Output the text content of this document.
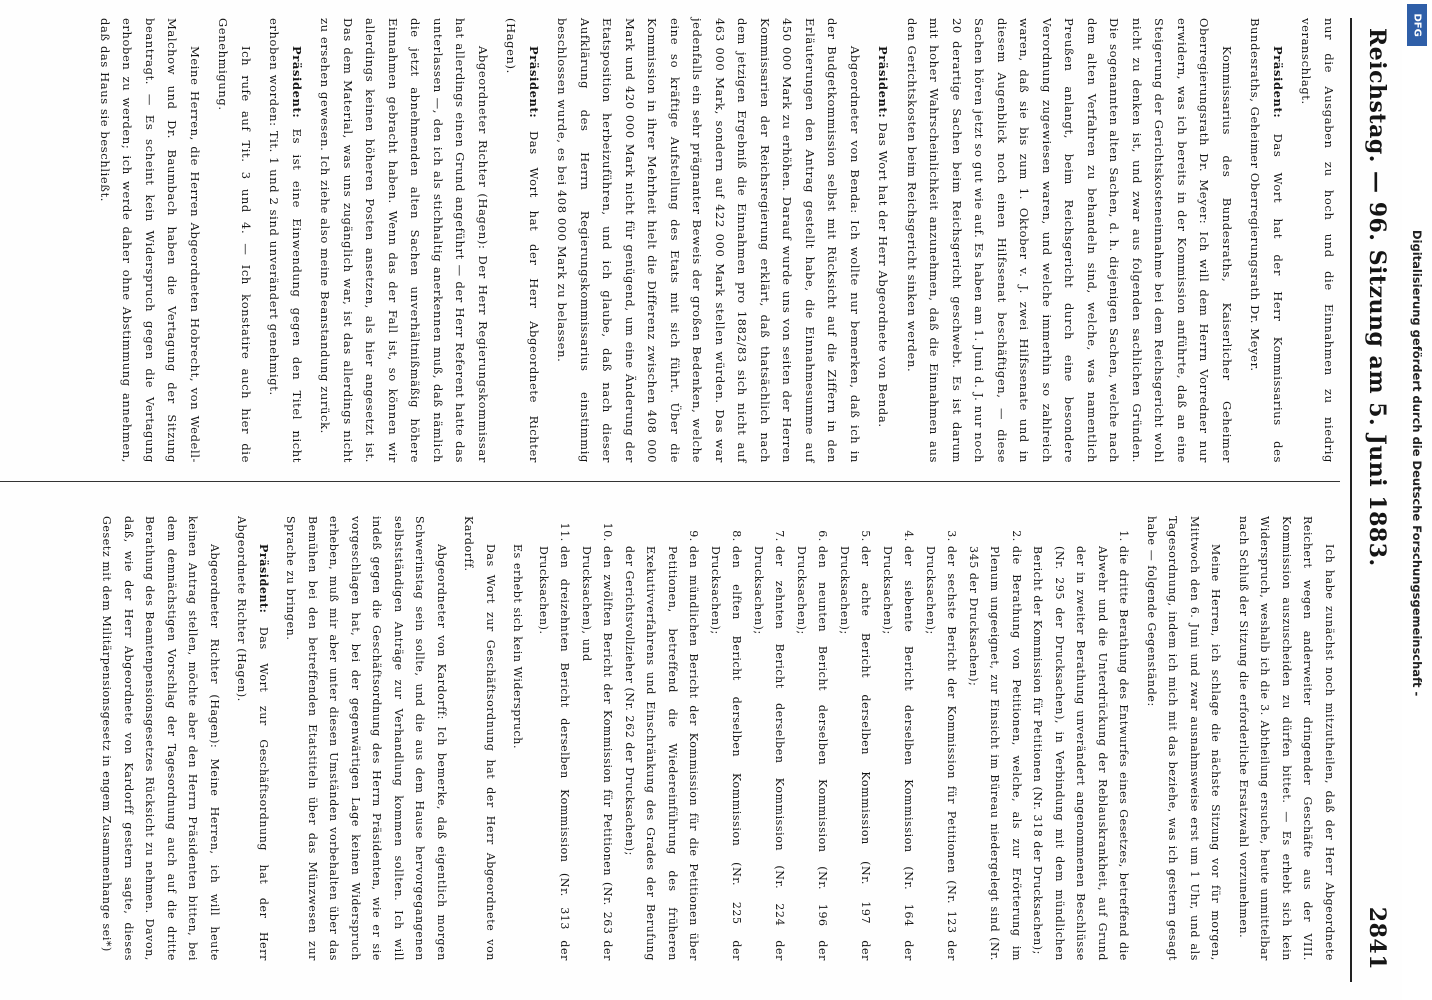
Reichstag. — 96. Sitzung am 5. Juni 1883.
2841

nur die Ausgaben zu hoch und die Einnahmen zu niedrig veranschlagt.

Präsident: Das Wort hat der Herr Kommissarius des Bundesraths, Geheimer Oberregierungsrath Dr. Meyer.

Kommissarius des Bundesraths, Kaiserlicher Geheimer Oberregierungsrath Dr. Meyer: Ich will dem Herrn Vorredner nur erwidern, was ich bereits in der Kommission anführte, daß an eine Steigerung der Gerichtskosteneinnahme bei dem Reichsgericht wohl nicht zu denken ist, und zwar aus folgenden sachlichen Gründen. Die sogenannten alten Sachen, d. h. diejenigen Sachen, welche nach dem alten Verfahren zu behandeln sind, welche, was namentlich Preußen anlangt, beim Reichsgericht durch eine besondere Verordnung zugewiesen waren, und welche immerhin so zahlreich waren, daß sie bis zum 1. Oktober v. J. zwei Hilfssenate und in diesem Augenblick noch einen Hilfssenat beschäftigen, — diese Sachen hören jetzt so gut wie auf. Es haben am 1. Juni d. J. nur noch 20 derartige Sachen beim Reichsgericht geschwebt. Es ist darum mit hoher Wahrscheinlichkeit anzunehmen, daß die Einnahmen aus den Gerichtskosten beim Reichsgericht sinken werden.

Präsident: Das Wort hat der Herr Abgeordnete von Benda.

Abgeordneter von Benda: Ich wollte nur bemerken, daß ich in der Budgetkommission selbst mit Rücksicht auf die Ziffern in den Erläuterungen den Antrag gestellt habe, die Einnahmesumme auf 450 000 Mark zu erhöhen. Darauf wurde uns von seiten der Herren Kommissarien der Reichsregierung erklärt, daß thatsächlich nach dem jetzigen Ergebniß die Einnahmen pro 1882/83 sich nicht auf 463 000 Mark, sondern auf 422 000 Mark stellen würden. Das war jedenfalls ein sehr prägnanter Beweis der großen Bedenken, welche eine so kräftige Aufstellung des Etats mit sich führt. Über die Kommission in ihrer Mehrheit hielt die Differenz zwischen 408 000 Mark und 420 000 Mark nicht für genügend, um eine Änderung der Etatsposition herbeizuführen, und ich glaube, daß nach dieser Aufklärung des Herrn Regierungskommissarius einstimmig beschlossen wurde, es bei 408 000 Mark zu belassen.

Präsident: Das Wort hat der Herr Abgeordnete Richter (Hagen).

Abgeordneter Richter (Hagen): Der Herr Regierungskommissar hat allerdings einen Grund angeführt — der Herr Referent hatte das unterlassen —, den ich als stichhaltig anerkennen muß, daß nämlich die jetzt abnehmenden alten Sachen unverhältnißmäßig höhere Einnahmen gebracht haben. Wenn das der Fall ist, so können wir allerdings keinen höheren Posten ansetzen, als hier angesetzt ist. Das dem Material, was uns zugänglich war, ist das allerdings nicht zu ersehen gewesen. Ich ziehe also meine Beanstandung zurück.

Präsident: Es ist eine Einwendung gegen den Titel nicht erhoben worden: Tit. 1 und 2 sind unverändert genehmigt.

Ich rufe auf Tit. 3 und 4. — Ich konstatire auch hier die Genehmigung.

Meine Herren, die Herren Abgeordneten Hobrecht, von Wedell-Malchow und Dr. Baumbach haben die Vertagung der Sitzung beantragt. — Es scheint kein Widerspruch gegen die Vertagung erhoben zu werden; ich werde daher ohne Abstimmung annehmen, daß das Haus sie beschließt.

Ich habe zunächst noch mitzutheilen, daß der Herr Abgeordnete Reichert wegen anderweiter dringender Geschäfte aus der VIII. Kommission auszuscheiden zu dürfen bittet. — Es erhebt sich kein Widerspruch, weshalb ich die 3. Abtheilung ersuche, heute unmittelbar nach Schluß der Sitzung die erforderliche Ersatzwahl vorzunehmen.

Meine Herren, ich schlage die nächste Sitzung vor für morgen, Mittwoch den 6. Juni und zwar ausnahmsweise erst um 1 Uhr, und als Tagesordnung, indem ich mich mit das beziehe, was ich gestern gesagt habe — folgende Gegenstände:

1. die dritte Berathung des Entwurfes eines Gesetzes, betreffend die Abwehr und die Unterdrückung der Reblauskrankheit, auf Grund der in zweiter Berathung unverändert angenommenen Beschlüsse (Nr. 295 der Drucksachen), in Verbindung mit dem mündlichen Bericht der Kommission für Petitionen (Nr. 318 der Drucksachen);
2. die Berathung von Petitionen, welche, als zur Erörterung im Plenum ungeeignet, zur Einsicht im Büreau niedergelegt sind (Nr. 345 der Drucksachen);
3. der sechste Bericht der Kommission für Petitionen (Nr. 123 der Drucksachen);
4. der siebente Bericht derselben Kommission (Nr. 164 der Drucksachen);
5. der achte Bericht derselben Kommission (Nr. 197 der Drucksachen);
6. den neunten Bericht derselben Kommission (Nr. 196 der Drucksachen);
7. der zehnten Bericht derselben Kommission (Nr. 224 der Drucksachen);
8. den elften Bericht derselben Kommission (Nr. 225 der Drucksachen);
9. den mündlichen Bericht der Kommission für die Petitionen über Petitionen, betreffend die Wiedereinführung des früheren Exekutivverfahrens und Einschränkung des Grades der Berufung der Gerichtsvollzieher (Nr. 262 der Drucksachen);
10. den zwölften Bericht der Kommission für Petitionen (Nr. 263 der Drucksachen), und
11. den dreizehnten Bericht derselben Kommission (Nr. 313 der Drucksachen).

Es erhebt sich kein Widerspruch.

Das Wort zur Geschäftsordnung hat der Herr Abgeordnete von Kardorff.

Abgeordneter von Kardorff: Ich bemerke, daß eigentlich morgen Schwerinstag sein sollte, und die aus dem Hause hervorgegangenen selbstständigen Anträge zur Verhandlung kommen sollten. Ich will indeß gegen die Geschäftsordnung des Herrn Präsidenten, wie er sie vorgeschlagen hat, bei der gegenwärtigen Lage keinen Widerspruch erheben, muß mir aber unter diesen Umständen vorbehalten über das Bemühen bei den betreffenden Etatstiteln über das Münzwesen zur Sprache zu bringen.

Präsident: Das Wort zur Geschäftsordnung hat der Herr Abgeordnete Richter (Hagen).

Abgeordneter Richter (Hagen): Meine Herren, ich will heute keinen Antrag stellen, möchte aber den Herrn Präsidenten bitten, bei dem demnächstigen Vorschlag der Tagesordnung auch auf die dritte Berathung des Beamtenpensionsgesetzes Rücksicht zu nehmen. Davon, daß, wie der Herr Abgeordnete von Kardorff gestern sagte, dieses Gesetz mit dem Militärpensionsgesetz in engem Zusammenhange sei*)

Digitalisierung gefördert durch die Deutsche Forschungsgemeinschaft -
DFG
